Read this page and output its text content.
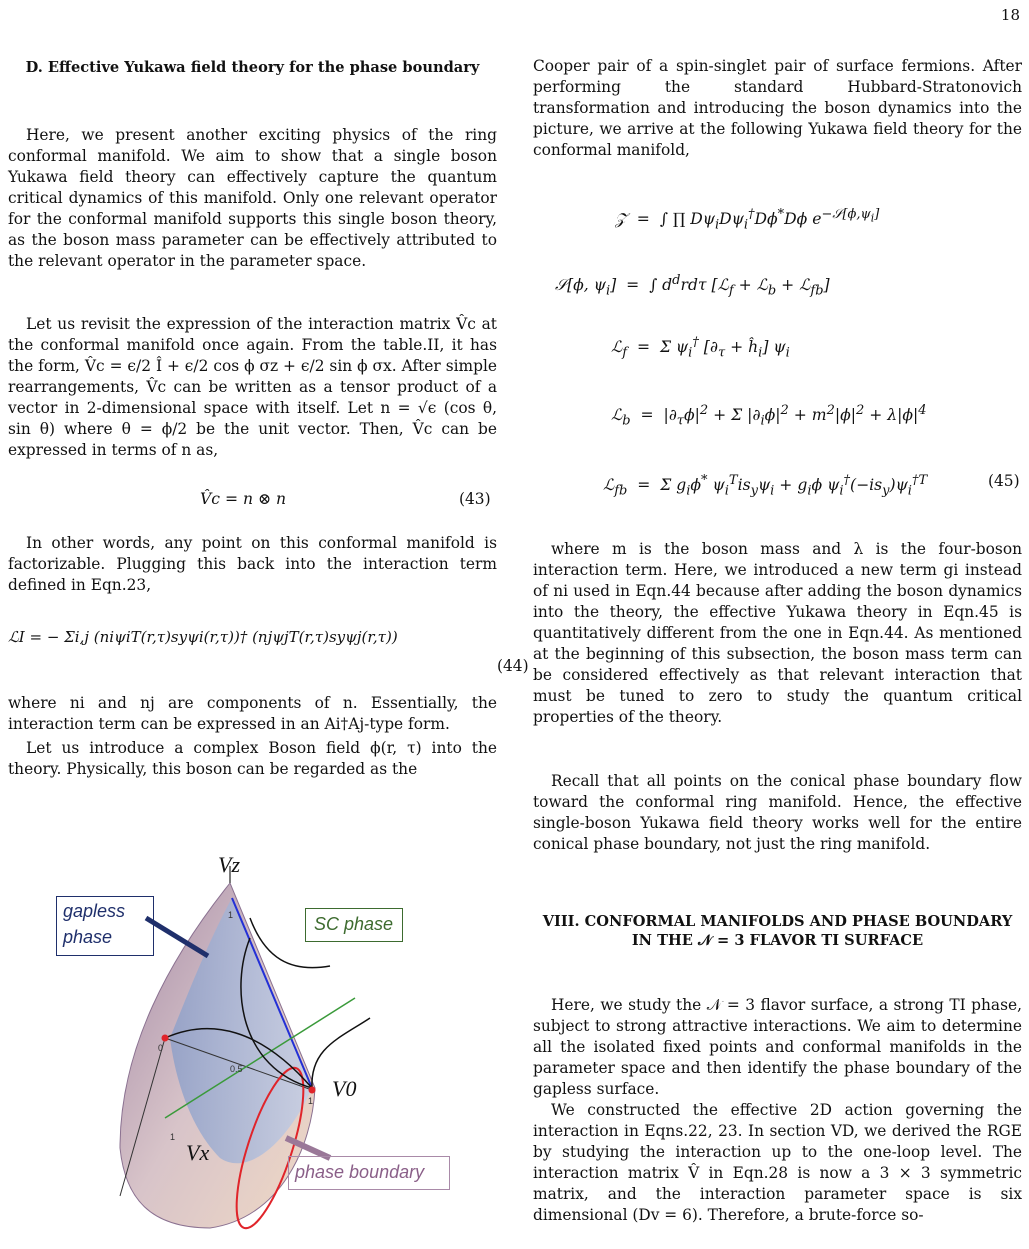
18
D. Effective Yukawa field theory for the phase boundary

Here, we present another exciting physics of the ring conformal manifold. We aim to show that a single boson Yukawa field theory can effectively capture the quantum critical dynamics of this manifold. Only one relevant operator for the conformal manifold supports this single boson theory, as the boson mass parameter can be effectively attributed to the relevant operator in the parameter space.

Let us revisit the expression of the interaction matrix V̂c at the conformal manifold once again. From the table.II, it has the form, V̂c = ϵ/2 Î + ϵ/2 cos ϕ σz + ϵ/2 sin ϕ σx. After simple rearrangements, V̂c can be written as a tensor product of a vector in 2-dimensional space with itself. Let n = √ϵ (cos θ, sin θ) where θ = ϕ/2 be the unit vector. Then, V̂c can be expressed in terms of n as,

V̂c = n ⊗ n	(43)

In other words, any point on this conformal manifold is factorizable. Plugging this back into the interaction term defined in Eqn.23,

ℒI = − Σi,j (niψiT(r,τ)syψi(r,τ))† (njψjT(r,τ)syψj(r,τ))
(44)

where ni and nj are components of n. Essentially, the interaction term can be expressed in an Ai†Aj-type form.

Let us introduce a complex Boson field ϕ(r, τ) into the theory. Physically, this boson can be regarded as the

gapless
phase
SC phase
phase boundary
Vz
V0
Vx
0
0.5
1
1
1

Cooper pair of a spin-singlet pair of surface fermions. After performing the standard Hubbard-Stratonovich transformation and introducing the boson dynamics into the picture, we arrive at the following Yukawa field theory for the conformal manifold,

𝒵  =  ∫ ∏ $D\psi_iD\psi_i^\dagger D\phi^*D\phi$ $e^{-𝒮[\phi,\psi_i]}$
𝒮[ϕ, $\psi_i$]  =  ∫ $d^drd\tau$ [ℒ$_f$ + ℒ$_b$ + ℒ$_{fb}$]
ℒ$_f$  =  Σ $\psi_i^\dagger$ [$\partial_\tau$ + $ĥ_i$] $\psi_i$
ℒ$_b$  =  $|\partial_\tau\phi|^2 + \Sigma$ $|\partial_i\phi|^2 + m^2|\phi|^2 + \lambda|\phi|^4$
ℒ$_{fb}$  =  Σ $g_i\phi^*$ $\psi_i^Tis_y\psi_i + g_i\phi$ $\psi_i^\dagger(-is_y)\psi_i^{\dagger T}$	(45)

where m is the boson mass and λ is the four-boson interaction term. Here, we introduced a new term gi instead of ni used in Eqn.44 because after adding the boson dynamics into the theory, the effective Yukawa theory in Eqn.45 is quantitatively different from the one in Eqn.44. As mentioned at the beginning of this subsection, the boson mass term can be considered effectively as that relevant interaction that must be tuned to zero to study the quantum critical properties of the theory.

Recall that all points on the conical phase boundary flow toward the conformal ring manifold. Hence, the effective single-boson Yukawa field theory works well for the entire conical phase boundary, not just the ring manifold.

VIII. CONFORMAL MANIFOLDS AND PHASE BOUNDARY IN THE 𝒩 = 3 FLAVOR TI SURFACE

Here, we study the 𝒩 = 3 flavor surface, a strong TI phase, subject to strong attractive interactions. We aim to determine all the isolated fixed points and conformal manifolds in the parameter space and then identify the phase boundary of the gapless surface.

We constructed the effective 2D action governing the interaction in Eqns.22, 23. In section VD, we derived the RGE by studying the interaction up to the one-loop level. The interaction matrix V̂ in Eqn.28 is now a 3 × 3 symmetric matrix, and the interaction parameter space is six dimensional (Dv = 6). Therefore, a brute-force so-
